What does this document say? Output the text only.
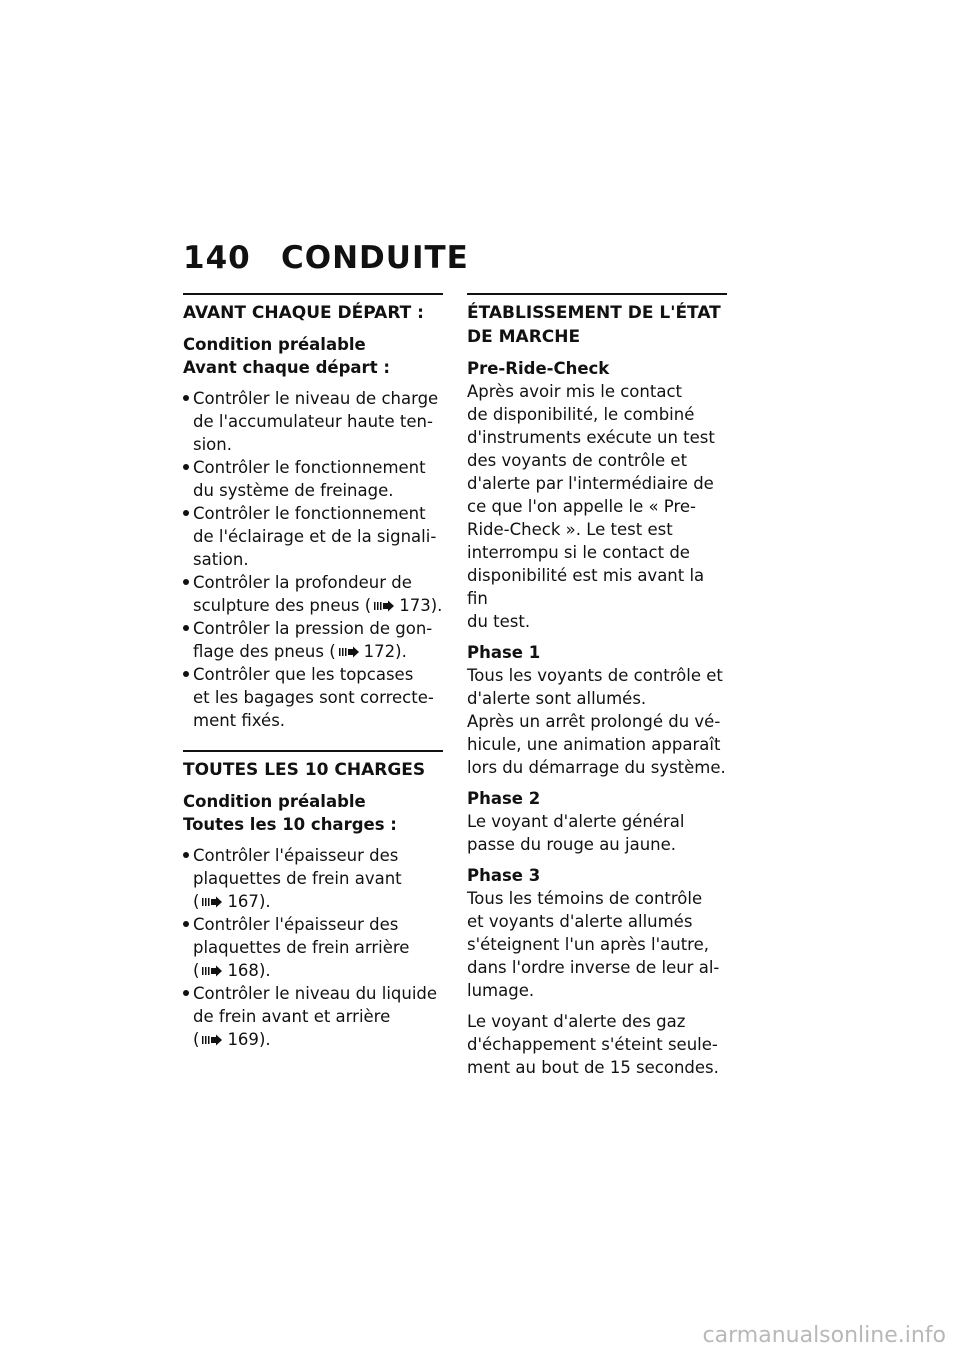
140 CONDUITE
AVANT CHAQUE DÉPART :

Condition préalable

Avant chaque départ :

Contrôler le niveau de charge
de l'accumulateur haute ten-
sion.
Contrôler le fonctionnement
du système de freinage.
Contrôler le fonctionnement
de l'éclairage et de la signali-
sation.
Contrôler la profondeur de
sculpture des pneus ( 173).
Contrôler la pression de gon-
flage des pneus ( 172).
Contrôler que les topcases
et les bagages sont correcte-
ment fixés.
TOUTES LES 10 CHARGES

Condition préalable

Toutes les 10 charges :

Contrôler l'épaisseur des
plaquettes de frein avant
( 167).
Contrôler l'épaisseur des
plaquettes de frein arrière
( 168).
Contrôler le niveau du liquide
de frein avant et arrière
( 169).
ÉTABLISSEMENT DE L'ÉTAT
DE MARCHE

Pre-Ride-Check

Après avoir mis le contact
de disponibilité, le combiné
d'instruments exécute un test
des voyants de contrôle et
d'alerte par l'intermédiaire de
ce que l'on appelle le « Pre-
Ride-Check ». Le test est
interrompu si le contact de
disponibilité est mis avant la fin
du test.

Phase 1

Tous les voyants de contrôle et
d'alerte sont allumés.
Après un arrêt prolongé du vé-
hicule, une animation apparaît
lors du démarrage du système.

Phase 2

Le voyant d'alerte général
passe du rouge au jaune.

Phase 3

Tous les témoins de contrôle
et voyants d'alerte allumés
s'éteignent l'un après l'autre,
dans l'ordre inverse de leur al-
lumage.
Le voyant d'alerte des gaz
d'échappement s'éteint seule-
ment au bout de 15 secondes.
carmanualsonline.info
